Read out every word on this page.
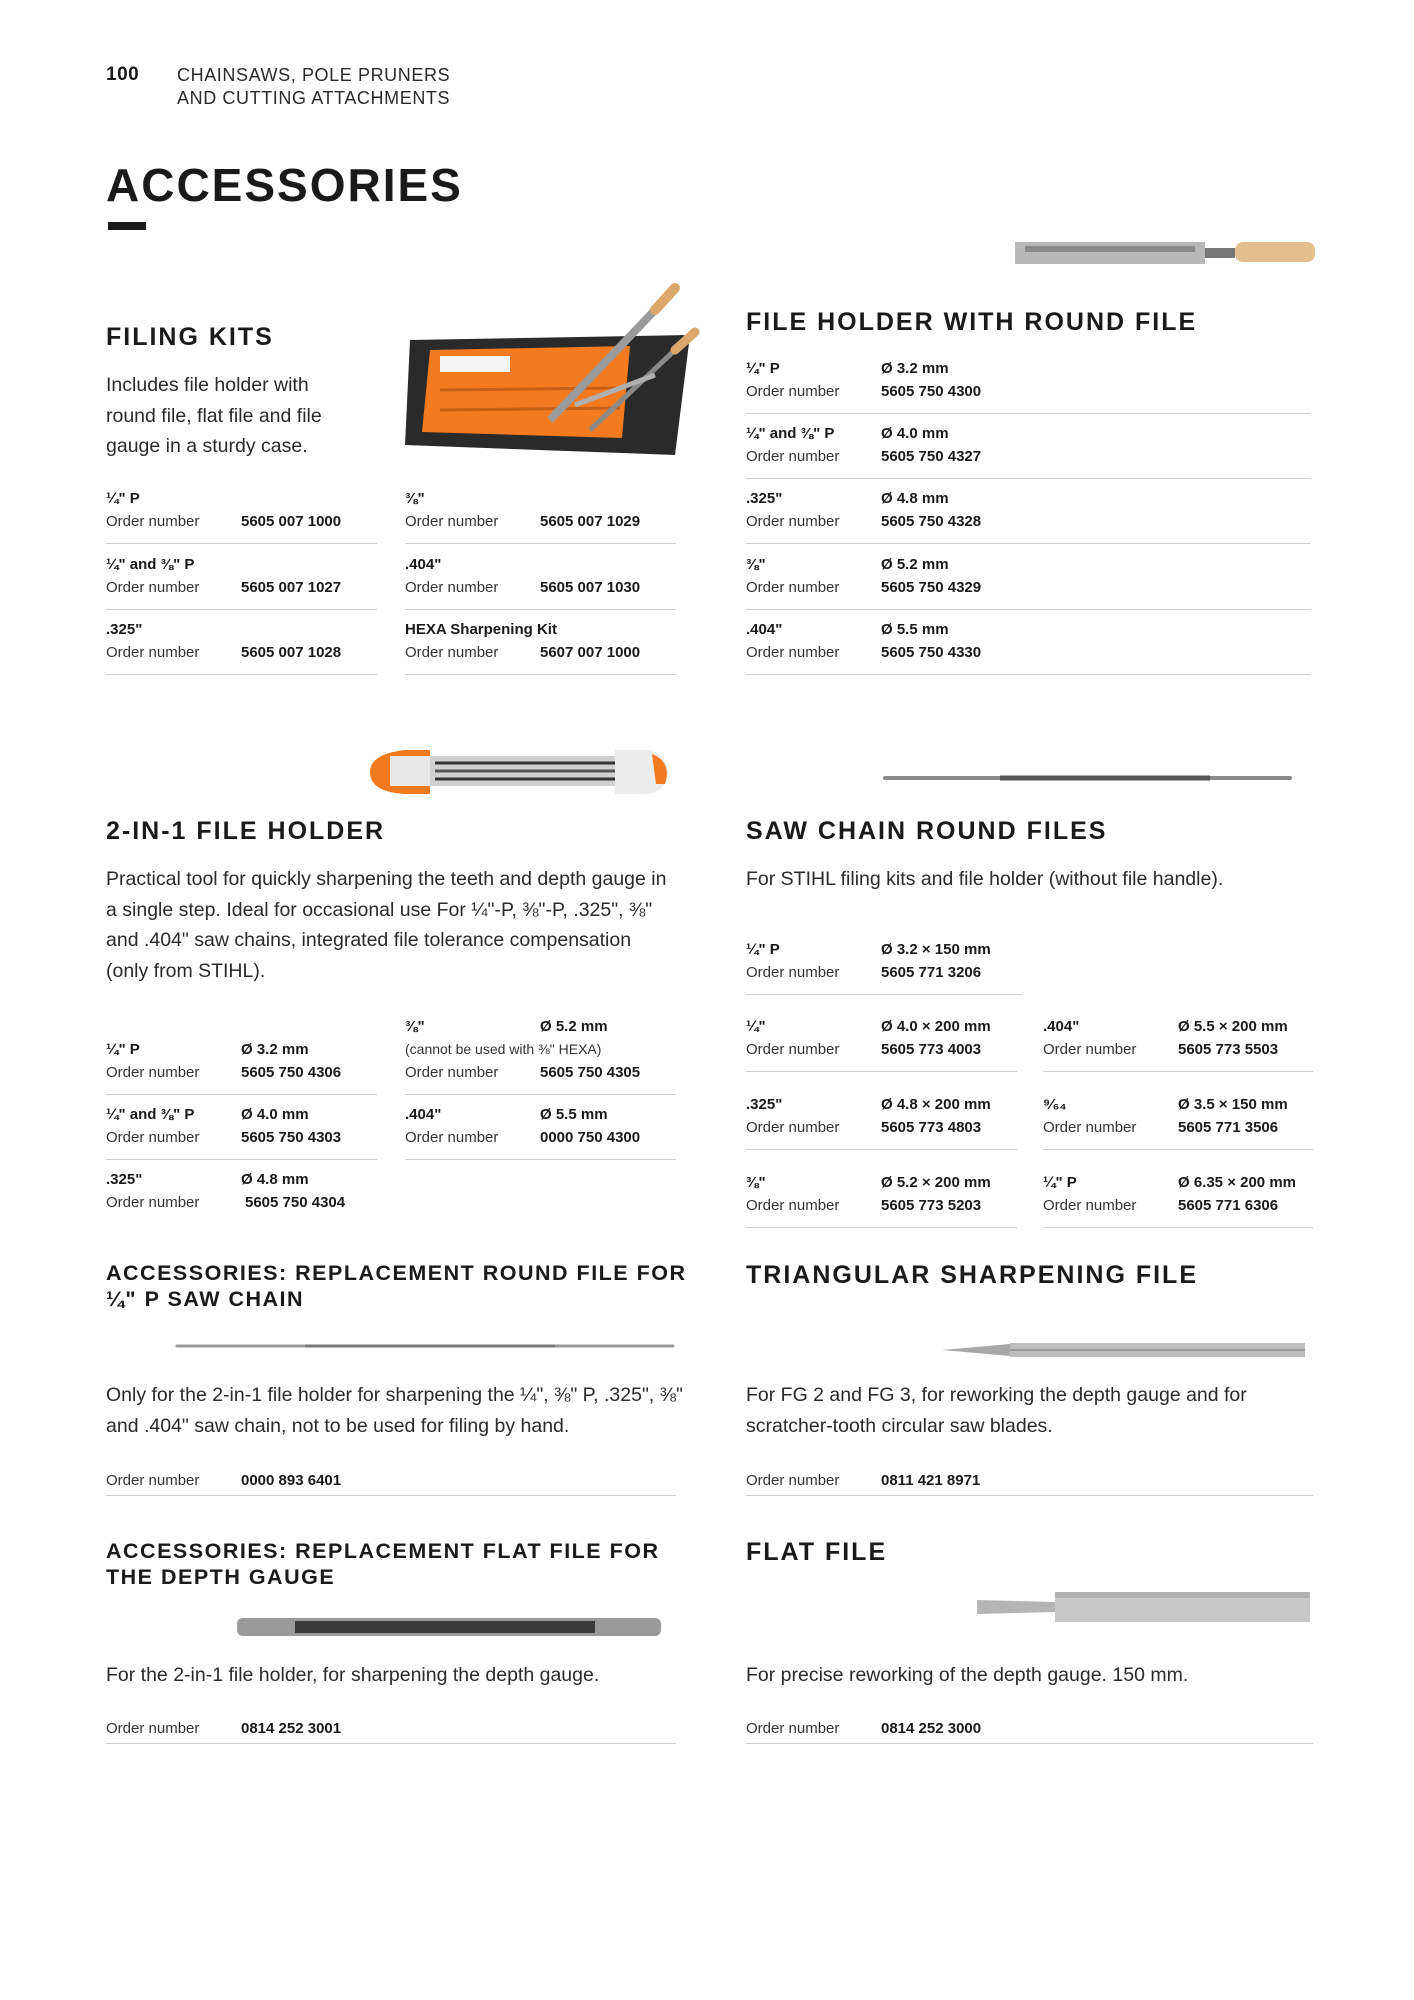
100 CHAINSAWS, POLE PRUNERS
AND CUTTING ATTACHMENTS
ACCESSORIES
FILING KITS
Includes file holder with round file, flat file and file gauge in a sturdy case.
¼" P
Order number	5605 007 1000
¼" and ⅜" P
Order number	5605 007 1027
.325"
Order number	5605 007 1028
⅜"
Order number	5605 007 1029
.404"
Order number	5605 007 1030
HEXA Sharpening Kit
Order number	5607 007 1000
FILE HOLDER WITH ROUND FILE
¼" P	Ø 3.2 mm
Order number	5605 750 4300
¼" and ⅜" P	Ø 4.0 mm
Order number	5605 750 4327
.325"	Ø 4.8 mm
Order number	5605 750 4328
⅜"	Ø 5.2 mm
Order number	5605 750 4329
.404"	Ø 5.5 mm
Order number	5605 750 4330
2-IN-1 FILE HOLDER
Practical tool for quickly sharpening the teeth and depth gauge in a single step. Ideal for occasional use For ¼"-P, ⅜"-P, .325", ⅜" and .404" saw chains, integrated file tolerance compensation (only from STIHL).
¼" P	Ø 3.2 mm
Order number	5605 750 4306
¼" and ⅜" P	Ø 4.0 mm
Order number	5605 750 4303
.325"	Ø 4.8 mm
Order number	5605 750 4304
⅜"	Ø 5.2 mm
(cannot be used with ⅜" HEXA)
Order number	5605 750 4305
.404"	Ø 5.5 mm
Order number	0000 750 4300
SAW CHAIN ROUND FILES
For STIHL filing kits and file holder (without file handle).
¼" P	Ø 3.2 × 150 mm
Order number	5605 771 3206
¼"	Ø 4.0 × 200 mm
Order number	5605 773 4003
.325"	Ø 4.8 × 200 mm
Order number	5605 773 4803
⅜"	Ø 5.2 × 200 mm
Order number	5605 773 5203
.404"	Ø 5.5 × 200 mm
Order number	5605 773 5503
⁹⁄₆₄	Ø 3.5 × 150 mm
Order number	5605 771 3506
¼" P	Ø 6.35 × 200 mm
Order number	5605 771 6306
ACCESSORIES: REPLACEMENT ROUND FILE FOR
¼" P SAW CHAIN
Only for the 2-in-1 file holder for sharpening the ¼", ⅜" P, .325", ⅜" and .404" saw chain, not to be used for filing by hand.
Order number	0000 893 6401
TRIANGULAR SHARPENING FILE
For FG 2 and FG 3, for reworking the depth gauge and for scratcher-tooth circular saw blades.
Order number	0811 421 8971
ACCESSORIES: REPLACEMENT FLAT FILE FOR
THE DEPTH GAUGE
For the 2-in-1 file holder, for sharpening the depth gauge.
Order number	0814 252 3001
FLAT FILE
For precise reworking of the depth gauge. 150 mm.
Order number	0814 252 3000
